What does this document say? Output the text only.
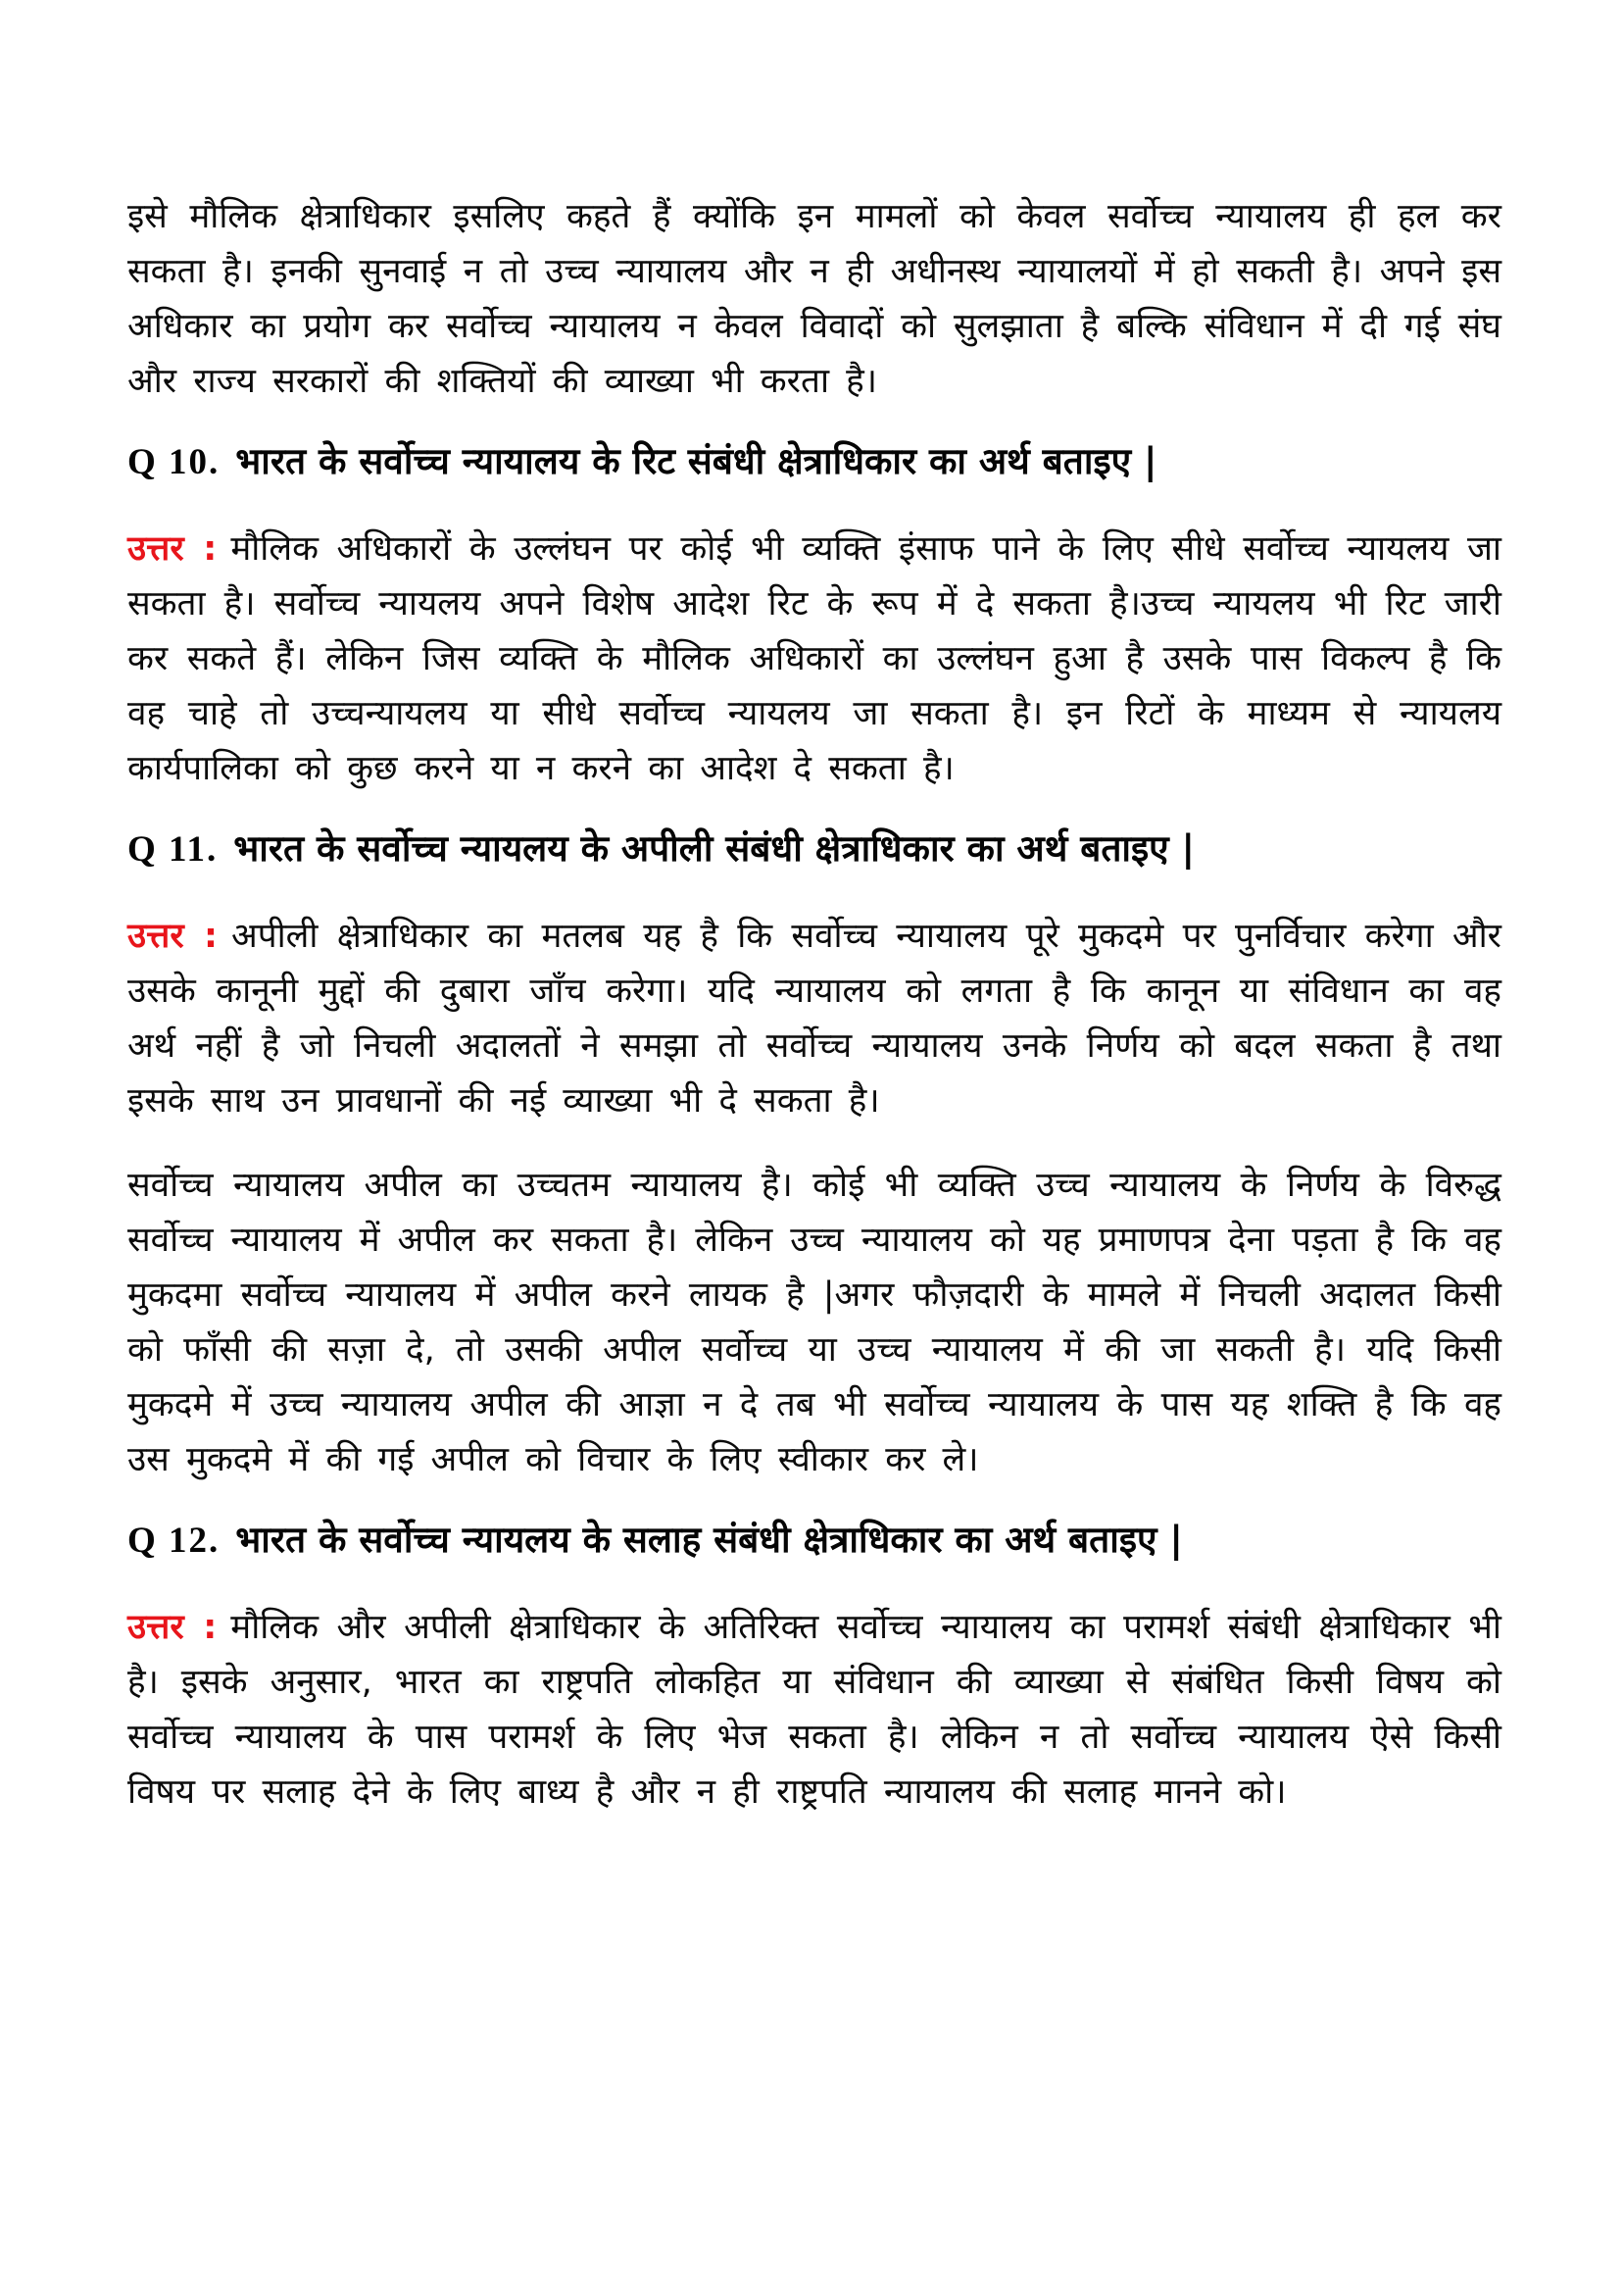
इसे मौलिक क्षेत्राधिकार इसलिए कहते हैं क्योंकि इन मामलों को केवल सर्वोच्च न्यायालय ही हल कर सकता है। इनकी सुनवाई न तो उच्च न्यायालय और न ही अधीनस्थ न्यायालयों में हो सकती है। अपने इस अधिकार का प्रयोग कर सर्वोच्च न्यायालय न केवल विवादों को सुलझाता है बल्कि संविधान में दी गई संघ और राज्य सरकारों की शक्तियों की व्याख्या भी करता है।

Q 10. भारत के सर्वोच्च न्यायालय के रिट संबंधी क्षेत्राधिकार का अर्थ बताइए |

उत्तर : मौलिक अधिकारों के उल्लंघन पर कोई भी व्यक्ति इंसाफ पाने के लिए सीधे सर्वोच्च न्यायलय जा सकता है। सर्वोच्च न्यायलय अपने विशेष आदेश रिट के रूप में दे सकता है।उच्च न्यायलय भी रिट जारी कर सकते हैं। लेकिन जिस व्यक्ति के मौलिक अधिकारों का उल्लंघन हुआ है उसके पास विकल्प है कि वह चाहे तो उच्चन्यायलय या सीधे सर्वोच्च न्यायलय जा सकता है। इन रिटों के माध्यम से न्यायलय कार्यपालिका को कुछ करने या न करने का आदेश दे सकता है।

Q 11. भारत के सर्वोच्च न्यायलय के अपीली संबंधी क्षेत्राधिकार का अर्थ बताइए |

उत्तर : अपीली क्षेत्राधिकार का मतलब यह है कि सर्वोच्च न्यायालय पूरे मुकदमे पर पुनर्विचार करेगा और उसके कानूनी मुद्दों की दुबारा जाँच करेगा। यदि न्यायालय को लगता है कि कानून या संविधान का वह अर्थ नहीं है जो निचली अदालतों ने समझा तो सर्वोच्च न्यायालय उनके निर्णय को बदल सकता है तथा इसके साथ उन प्रावधानों की नई व्याख्या भी दे सकता है।

सर्वोच्च न्यायालय अपील का उच्चतम न्यायालय है। कोई भी व्यक्ति उच्च न्यायालय के निर्णय के विरुद्ध सर्वोच्च न्यायालय में अपील कर सकता है। लेकिन उच्च न्यायालय को यह प्रमाणपत्र देना पड़ता है कि वह मुकदमा सर्वोच्च न्यायालय में अपील करने लायक है |अगर फौज़दारी के मामले में निचली अदालत किसी को फाँसी की सज़ा दे, तो उसकी अपील सर्वोच्च या उच्च न्यायालय में की जा सकती है। यदि किसी मुकदमे में उच्च न्यायालय अपील की आज्ञा न दे तब भी सर्वोच्च न्यायालय के पास यह शक्ति है कि वह उस मुकदमे में की गई अपील को विचार के लिए स्वीकार कर ले।

Q 12. भारत के सर्वोच्च न्यायलय के सलाह संबंधी क्षेत्राधिकार का अर्थ बताइए |

उत्तर : मौलिक और अपीली क्षेत्राधिकार के अतिरिक्त सर्वोच्च न्यायालय का परामर्श संबंधी क्षेत्राधिकार भी है। इसके अनुसार, भारत का राष्ट्रपति लोकहित या संविधान की व्याख्या से संबंधित किसी विषय को सर्वोच्च न्यायालय के पास परामर्श के लिए भेज सकता है। लेकिन न तो सर्वोच्च न्यायालय ऐसे किसी विषय पर सलाह देने के लिए बाध्य है और न ही राष्ट्रपति न्यायालय की सलाह मानने को।
